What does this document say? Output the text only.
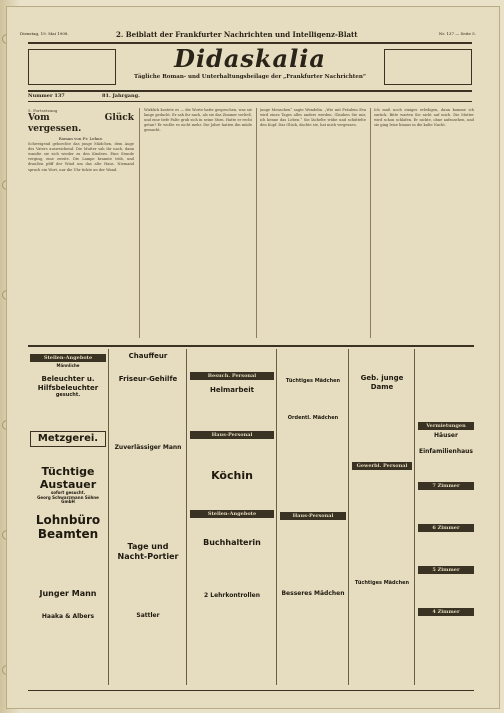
Dienstag, 19. Mai 1908.	2. Beiblatt der Frankfurter Nachrichten und Intelligenz-Blatt	Nr. 137 — Seite 5.
Didaskalia
Tägliche Roman- und Unterhaltungsbeilage der „Frankfurter Nachrichten“
Nummer 137	81. Jahrgang.
5. Fortsetzung
Vom Glück vergessen.
Roman von Fr. Lehne.
Schweigend gehorchte das junge Mädchen, dem Auge des Vaters ausweichend. Die Mutter sah ihr nach, dann wandte sie sich wieder zu den Kindern. Eine Stunde verging, eine zweite. Die Lampe brannte trüb, und draußen pfiff der Wind um das alte Haus. Niemand sprach ein Wort, nur die Uhr tickte an der Wand.
Wirklich kostete es — die Worte hatte gesprochen, was sie lange gedacht. Er sah ihr nach, als sie das Zimmer verließ, und eine tiefe Falte grub sich in seine Stirn. Hatte er recht getan? Er wußte es nicht mehr. Die Jahre hatten ihn müde gemacht.
junge Menschen“ sagte Wendelin. „Wie mit Fräulein Eva wird eines Tages alles anders werden. Glauben Sie mir, ich kenne das Leben.“ Sie lächelte trübe und schüttelte den Kopf. Das Glück, dachte sie, hat mich vergessen.
Ich muß noch einiges erledigen, dann komme ich zurück. Bitte warten Sie nicht auf mich. Die Mutter wird schon schlafen. Er nickte, ohne aufzusehen, und sie ging leise hinaus in die kalte Nacht.
Stellen-Angebote
Männliche
Beleuchter u. Hilfsbeleuchter
gesucht.
Metzgerei.
Tüchtige Austauer
sofort gesucht.
Georg Schwarzmann Söhne GmbH
Lohnbüro
Beamten
Junger Mann
Haaka & Albers
Chauffeur
Friseur-Gehilfe
Zuverlässiger Mann
Tage und Nacht-Portier
Sattler
Besuch. Personal
Helmarbeit
Haus-Personal
Köchin
Stellen-Angebote
Buchhalterin
2 Lehrkontrollen
Tüchtiges Mädchen
Ordentl. Mädchen
Haus-Personal
Besseres Mädchen
Geb. junge Dame
Gewerbl. Personal
Tüchtiges Mädchen
Vermietungen
Häuser
Einfamilienhaus
7 Zimmer
6 Zimmer
5 Zimmer
4 Zimmer
